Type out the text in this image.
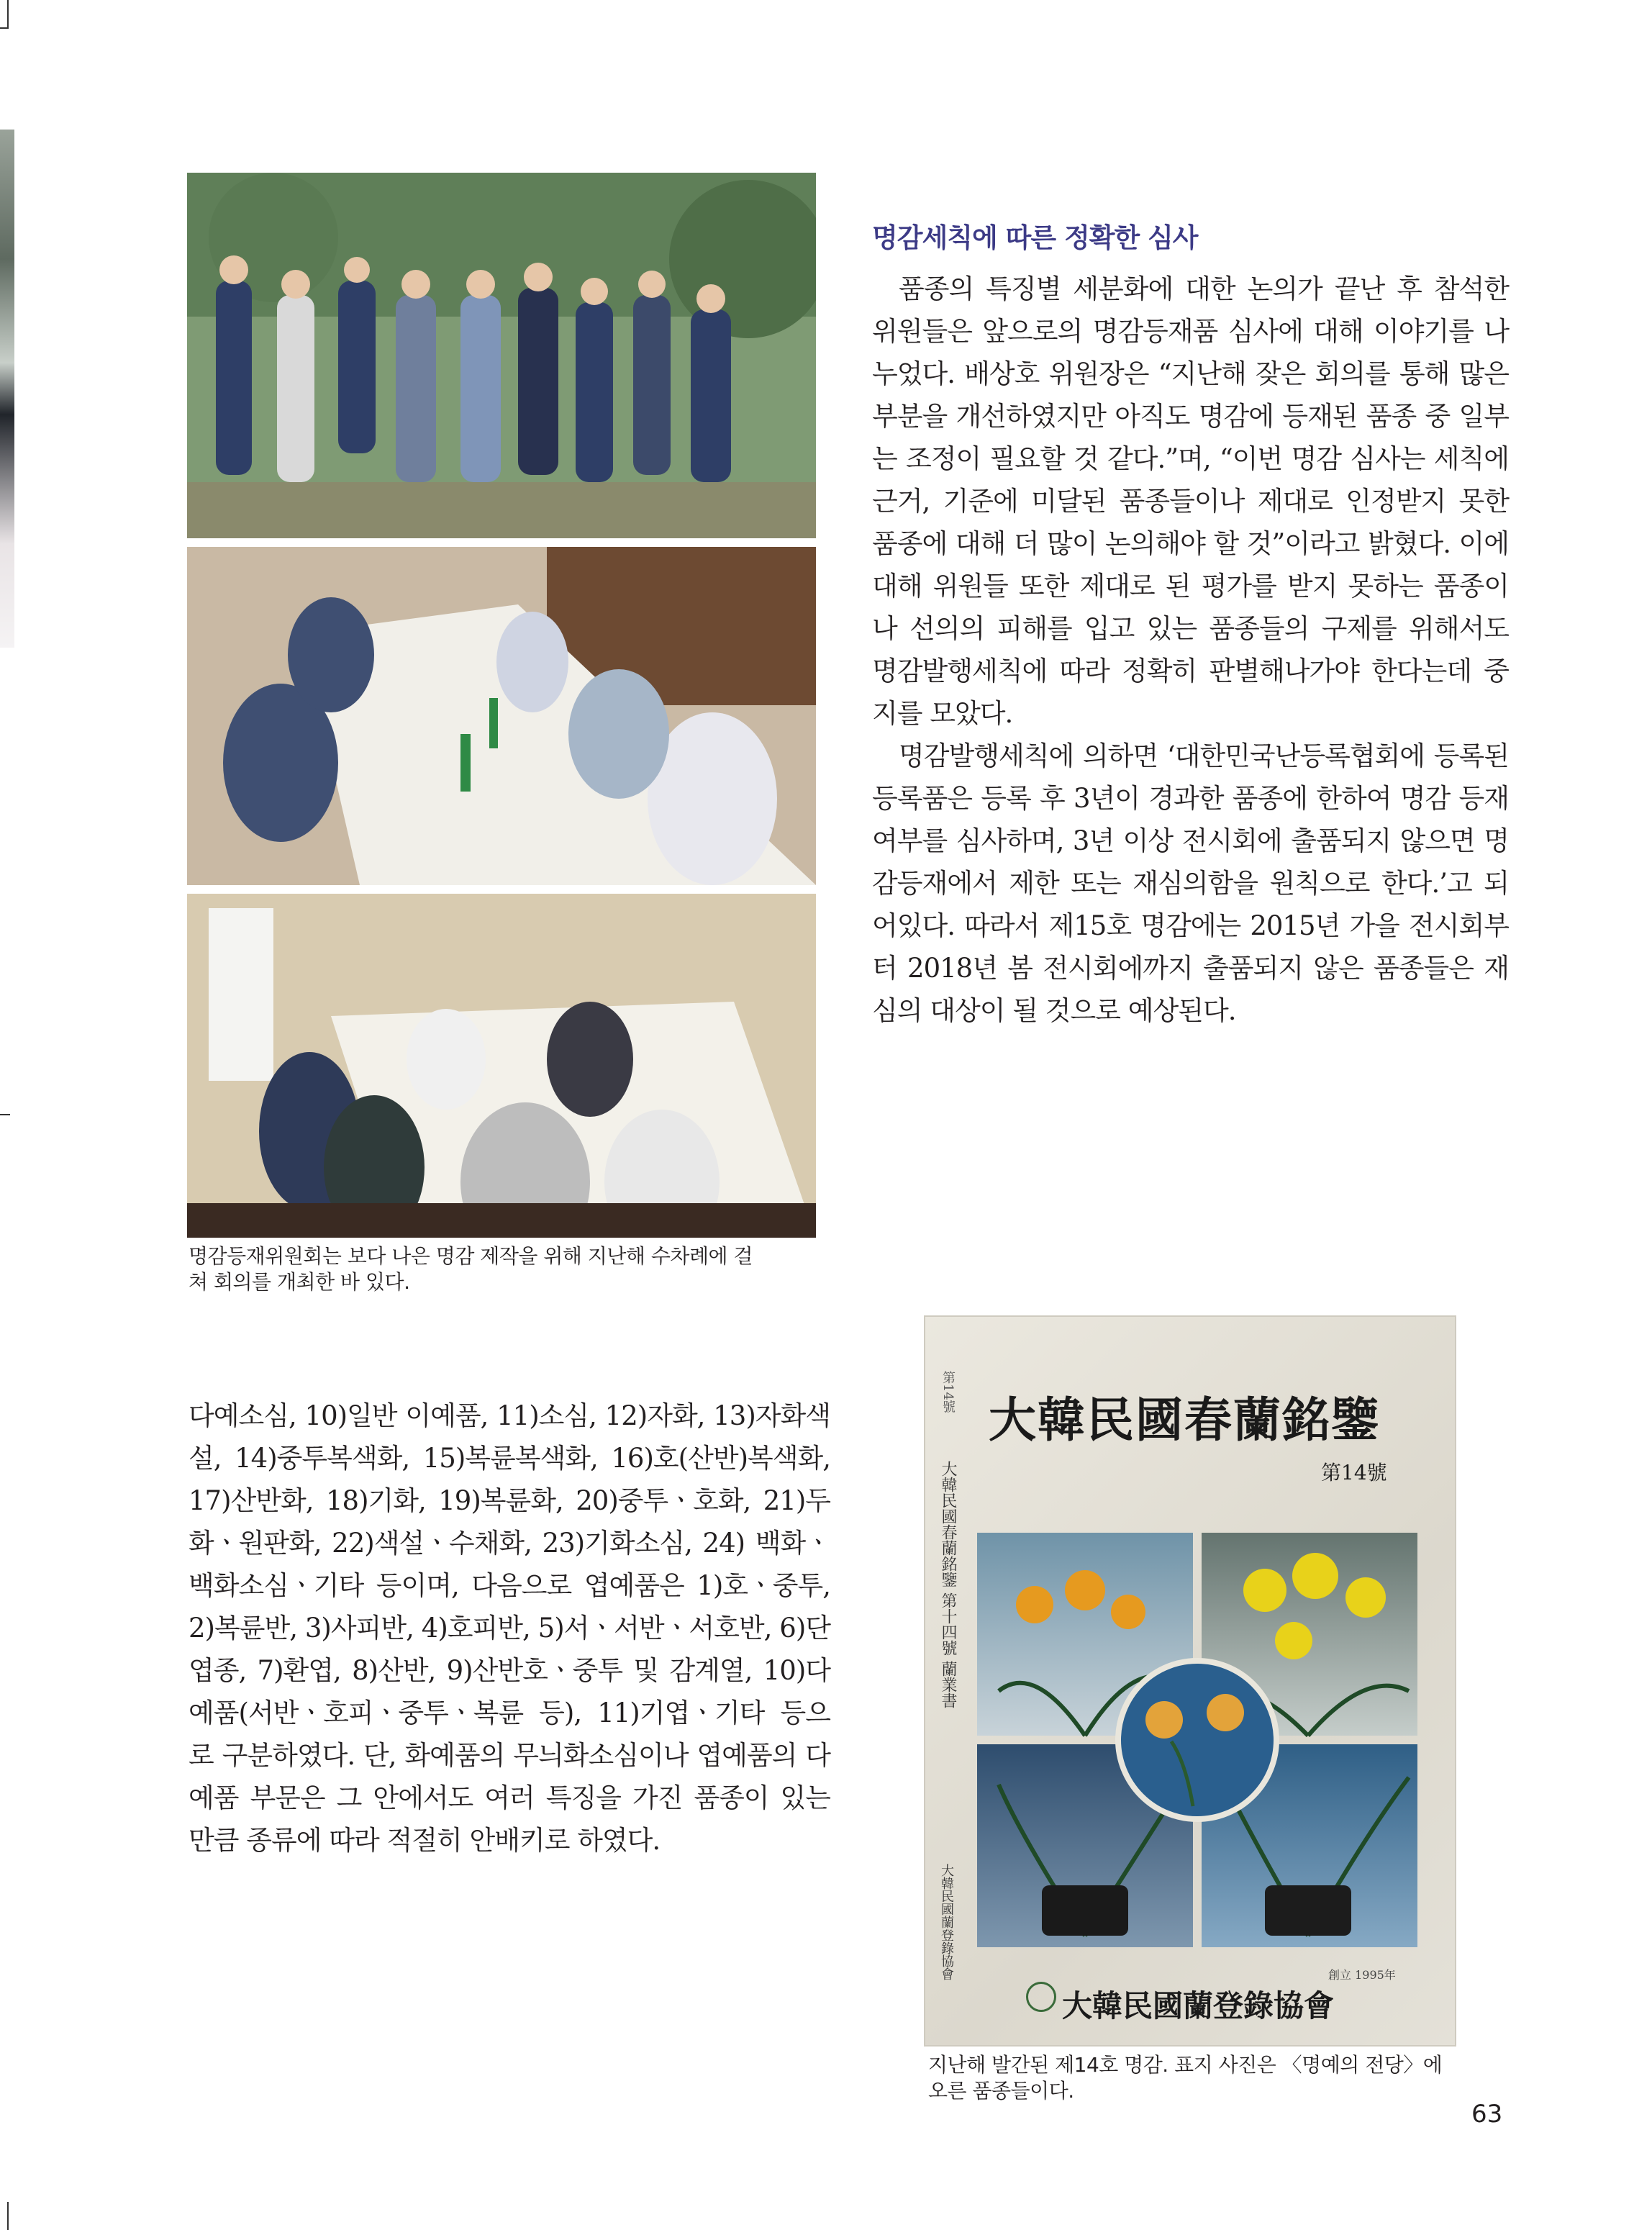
명감등재위원회는 보다 나은 명감 제작을 위해 지난해 수차례에 걸
쳐 회의를 개최한 바 있다.

다예소심, 10)일반 이예품, 11)소심, 12)자화, 13)자화색설, 14)중투복색화, 15)복륜복색화, 16)호(산반)복색화, 17)산반화, 18)기화, 19)복륜화, 20)중투ㆍ호화, 21)두화ㆍ원판화, 22)색설ㆍ수채화, 23)기화소심, 24) 백화ㆍ백화소심ㆍ기타 등이며, 다음으로 엽예품은 1)호ㆍ중투, 2)복륜반, 3)사피반, 4)호피반, 5)서ㆍ서반ㆍ서호반, 6)단엽종, 7)환엽, 8)산반, 9)산반호ㆍ중투 및 감계열, 10)다예품(서반ㆍ호피ㆍ중투ㆍ복륜 등), 11)기엽ㆍ기타 등으로 구분하였다. 단, 화예품의 무늬화소심이나 엽예품의 다예품 부문은 그 안에서도 여러 특징을 가진 품종이 있는 만큼 종류에 따라 적절히 안배키로 하였다.

명감세칙에 따른 정확한 심사

품종의 특징별 세분화에 대한 논의가 끝난 후 참석한 위원들은 앞으로의 명감등재품 심사에 대해 이야기를 나누었다. 배상호 위원장은 “지난해 잦은 회의를 통해 많은 부분을 개선하였지만 아직도 명감에 등재된 품종 중 일부는 조정이 필요할 것 같다.”며, “이번 명감 심사는 세칙에 근거, 기준에 미달된 품종들이나 제대로 인정받지 못한 품종에 대해 더 많이 논의해야 할 것”이라고 밝혔다. 이에 대해 위원들 또한 제대로 된 평가를 받지 못하는 품종이나 선의의 피해를 입고 있는 품종들의 구제를 위해서도 명감발행세칙에 따라 정확히 판별해나가야 한다는데 중지를 모았다.

명감발행세칙에 의하면 ‘대한민국난등록협회에 등록된 등록품은 등록 후 3년이 경과한 품종에 한하여 명감 등재 여부를 심사하며, 3년 이상 전시회에 출품되지 않으면 명감등재에서 제한 또는 재심의함을 원칙으로 한다.’고 되어있다. 따라서 제15호 명감에는 2015년 가을 전시회부터 2018년 봄 전시회에까지 출품되지 않은 품종들은 재심의 대상이 될 것으로 예상된다.

第14號
大韓民國春蘭銘鑒 第十四號 蘭業書
大韓民國春蘭銘鑒
第14號
大韓民國蘭登錄協會	創立 1995年
大韓民國蘭登錄協會
지난해 발간된 제14호 명감. 표지 사진은 〈명예의 전당〉에
오른 품종들이다.
63
